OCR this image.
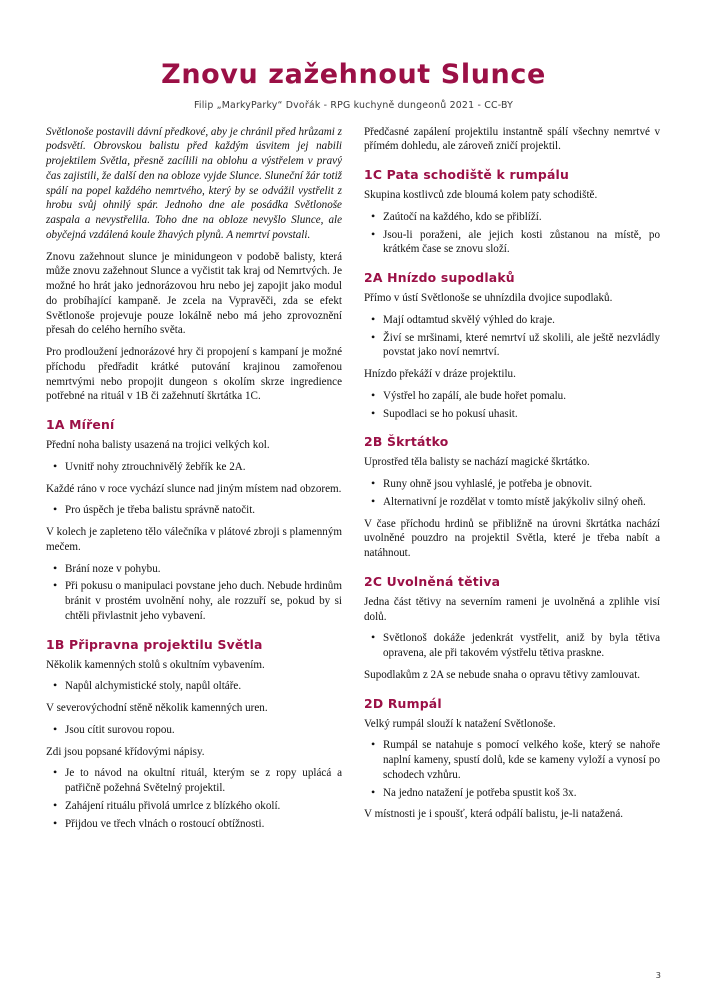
Znovu zažehnout Slunce
Filip „MarkyParky“ Dvořák - RPG kuchyně dungeonů 2021 - CC-BY

Světlonoše postavili dávní předkové, aby je chránil před hrůzami z podsvětí. Obrovskou balistu před každým úsvitem jej nabili projektilem Světla, přesně zacílili na oblohu a výstřelem v pravý čas zajistili, že další den na obloze vyjde Slunce. Sluneční žár totiž spálí na popel každého nemrtvého, který by se odvážil vystřelit z hrobu svůj ohnilý spár. Jednoho dne ale posádka Světlonoše zaspala a nevystřelila. Toho dne na obloze nevyšlo Slunce, ale obyčejná vzdálená koule žhavých plynů. A nemrtví povstali.

Znovu zažehnout slunce je minidungeon v podobě balisty, která může znovu zažehnout Slunce a vyčistit tak kraj od Nemrtvých. Je možné ho hrát jako jednorázovou hru nebo jej zapojit jako modul do probíhající kampaně. Je zcela na Vypravěči, zda se efekt Světlonoše projevuje pouze lokálně nebo má jeho zprovoznění přesah do celého herního světa.

Pro prodloužení jednorázové hry či propojení s kampaní je možné příchodu předřadit krátké putování krajinou zamořenou nemrtvými nebo propojit dungeon s okolím skrze ingredience potřebné na rituál v 1B či zažehnutí škrtátka 1C.

1A Míření

Přední noha balisty usazená na trojici velkých kol.

• Uvnitř nohy ztrouchnivělý žebřík ke 2A.

Každé ráno v roce vychází slunce nad jiným místem nad obzorem.

• Pro úspěch je třeba balistu správně natočit.

V kolech je zapleteno tělo válečníka v plátové zbroji s plamenným mečem.

• Brání noze v pohybu.
• Při pokusu o manipulaci povstane jeho duch. Nebude hrdinům bránit v prostém uvolnění nohy, ale rozzuří se, pokud by si chtěli přivlastnit jeho vybavení.
1B Připravna projektilu Světla

Několik kamenných stolů s okultním vybavením.

• Napůl alchymistické stoly, napůl oltáře.

V severovýchodní stěně několik kamenných uren.

• Jsou cítit surovou ropou.

Zdi jsou popsané křídovými nápisy.

• Je to návod na okultní rituál, kterým se z ropy uplácá a patřičně požehná Světelný projektil.
• Zahájení rituálu přivolá umrlce z blízkého okolí.
• Přijdou ve třech vlnách o rostoucí obtížnosti.

Předčasné zapálení projektilu instantně spálí všechny nemrtvé v přímém dohledu, ale zároveň zničí projektil.

1C Pata schodiště k rumpálu

Skupina kostlivců zde bloumá kolem paty schodiště.

• Zaútočí na každého, kdo se přiblíží.
• Jsou-li poraženi, ale jejich kosti zůstanou na místě, po krátkém čase se znovu složí.
2A Hnízdo supodlaků

Přímo v ústí Světlonoše se uhnízdila dvojice supodlaků.

• Mají odtamtud skvělý výhled do kraje.
• Živí se mršinami, které nemrtví už skolili, ale ještě nezvládly povstat jako noví nemrtví.

Hnízdo překáží v dráze projektilu.

• Výstřel ho zapálí, ale bude hořet pomalu.
• Supodlaci se ho pokusí uhasit.
2B Škrtátko

Uprostřed těla balisty se nachází magické škrtátko.

• Runy ohně jsou vyhlaslé, je potřeba je obnovit.
• Alternativní je rozdělat v tomto místě jakýkoliv silný oheň.

V čase příchodu hrdinů se přibližně na úrovni škrtátka nachází uvolněné pouzdro na projektil Světla, které je třeba nabít a natáhnout.

2C Uvolněná tětiva

Jedna část tětivy na severním rameni je uvolněná a zplihle visí dolů.

• Světlonoš dokáže jedenkrát vystřelit, aniž by byla tětiva opravena, ale při takovém výstřelu tětiva praskne.

Supodlakům z 2A se nebude snaha o opravu tětivy zamlouvat.

2D Rumpál

Velký rumpál slouží k natažení Světlonoše.

• Rumpál se natahuje s pomocí velkého koše, který se nahoře naplní kameny, spustí dolů, kde se kameny vyloží a vynosí po schodech vzhůru.
• Na jedno natažení je potřeba spustit koš 3x.

V místnosti je i spoušť, která odpálí balistu, je-li natažená.

3
